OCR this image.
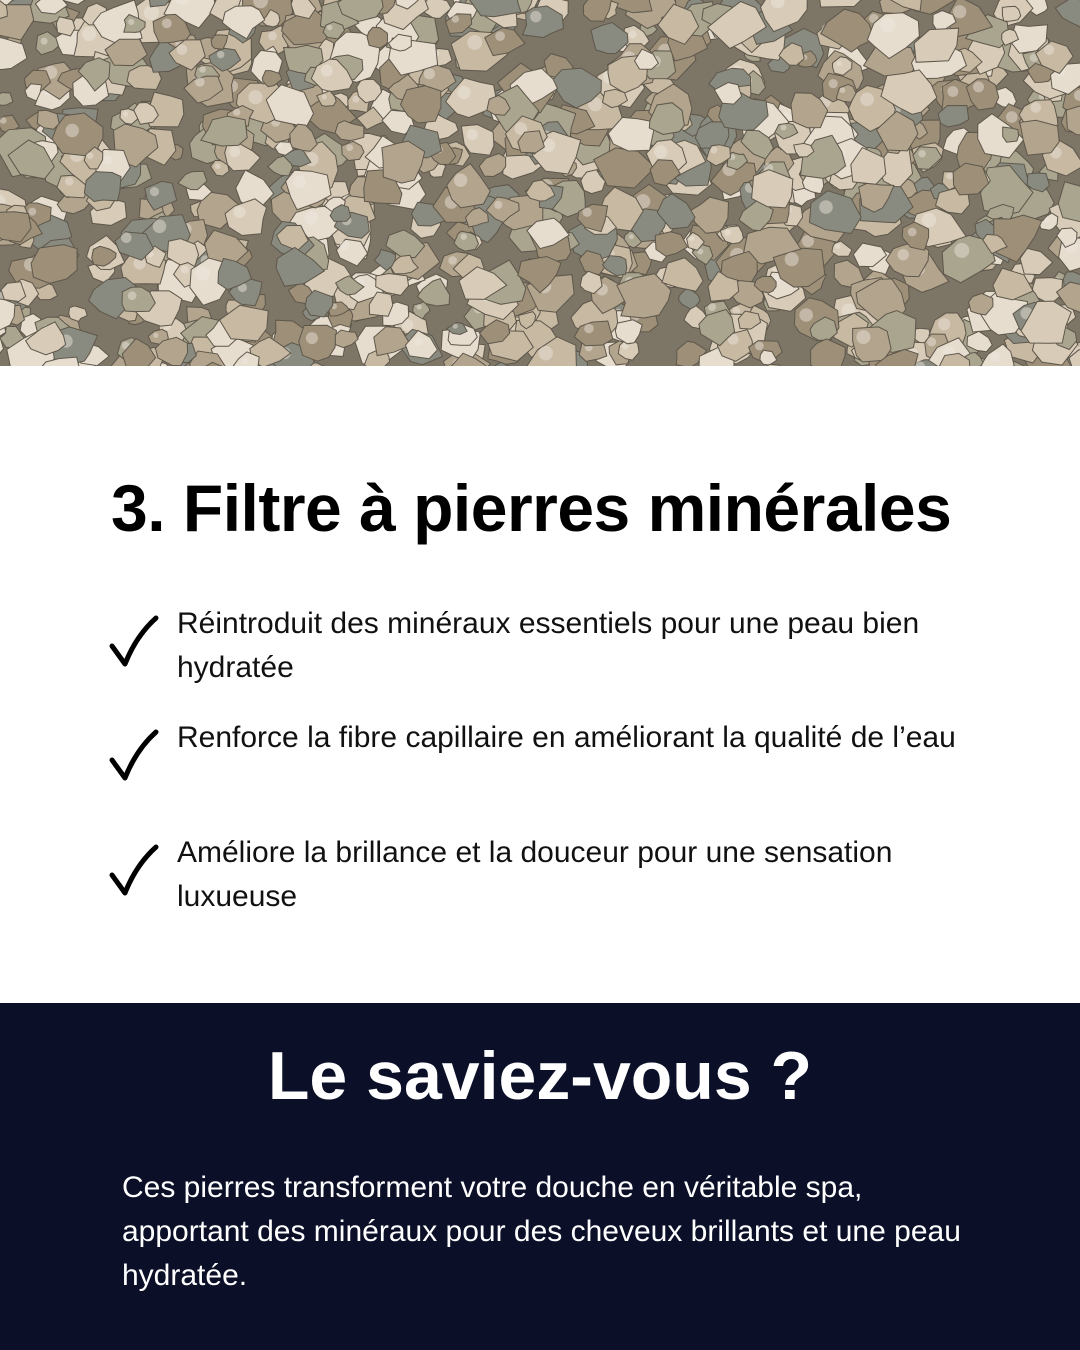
3. Filtre à pierres minérales
Réintroduit des minéraux essentiels pour une peau bien hydratée
Renforce la fibre capillaire en améliorant la qualité de l’eau
Améliore la brillance et la douceur pour une sensation luxueuse
Le saviez-vous ?

Ces pierres transforment votre douche en véritable spa, apportant des minéraux pour des cheveux brillants et une peau hydratée.
